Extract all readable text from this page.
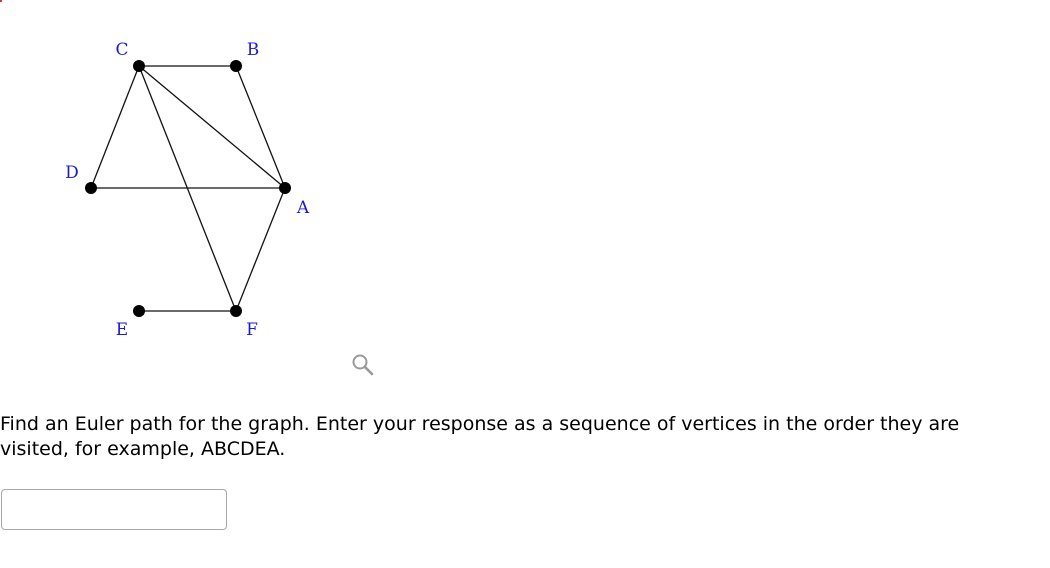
A
B
C
D
E	F

Find an Euler path for the graph. Enter your response as a sequence of vertices in the order they are visited, for example, ABCDEA.
